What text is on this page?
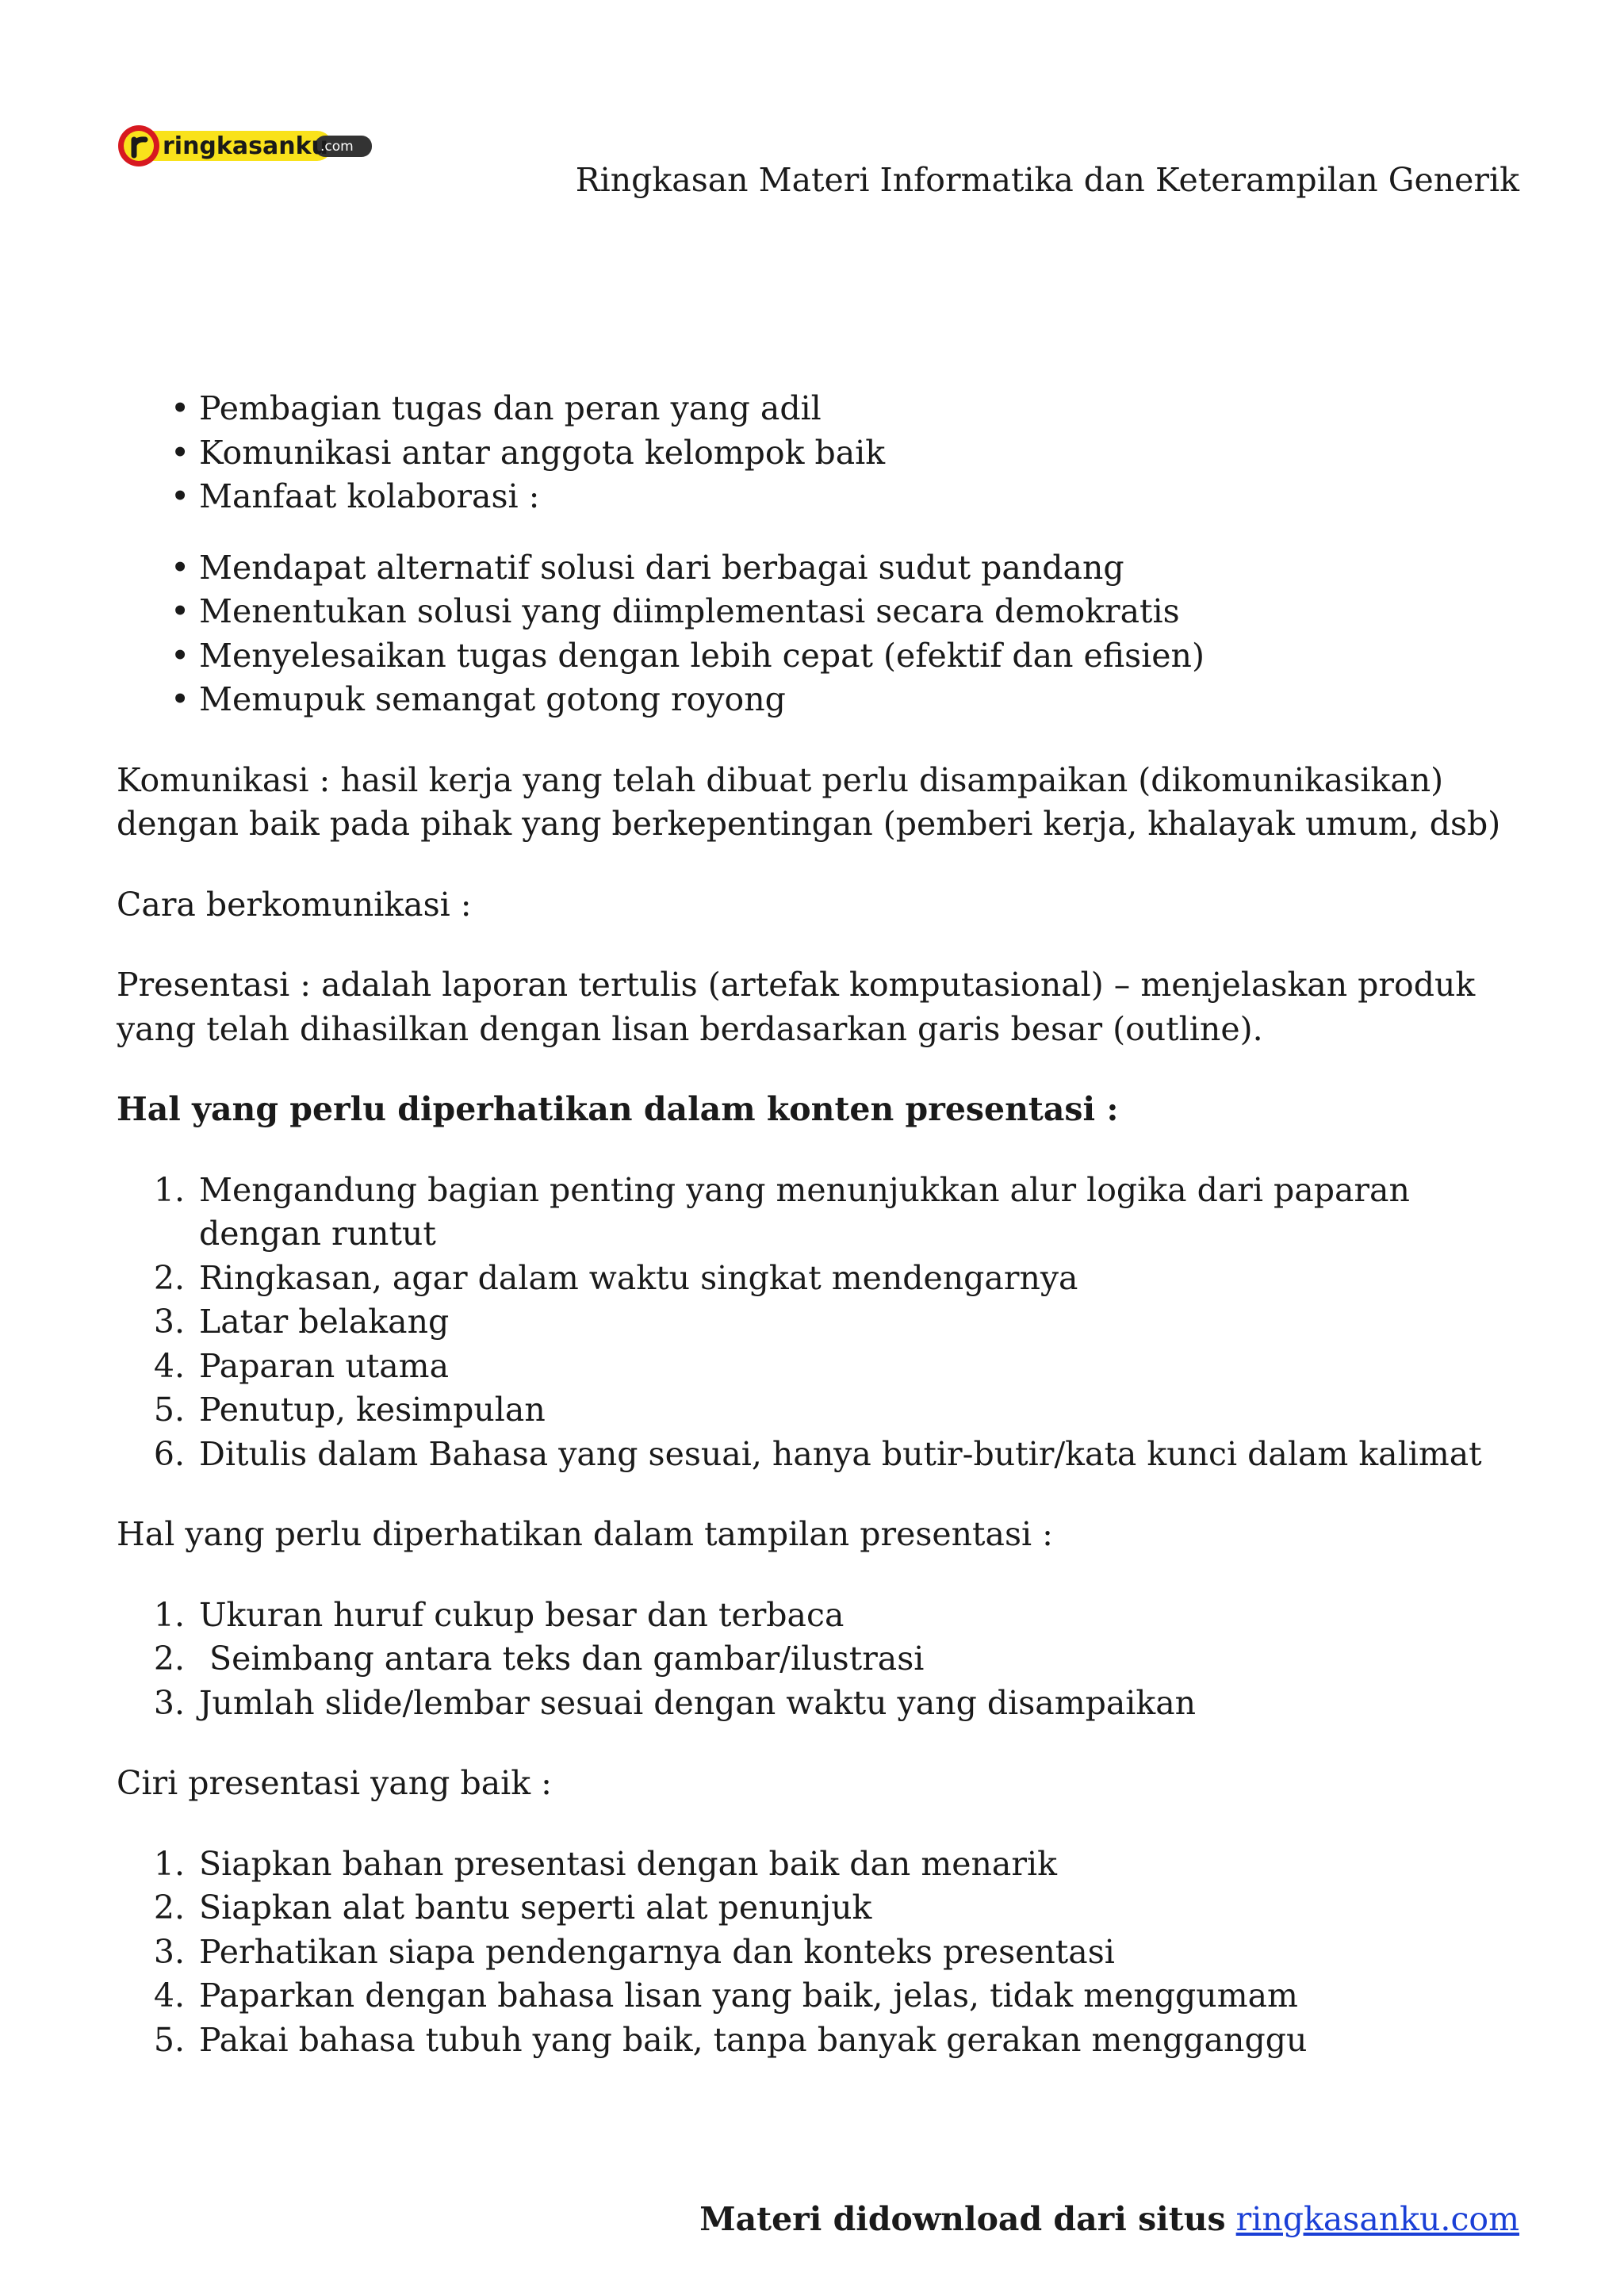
ringkasanku
.com
Ringkasan Materi Informatika dan Keterampilan Generik
• Pembagian tugas dan peran yang adil
• Komunikasi antar anggota kelompok baik
• Manfaat kolaborasi :
• Mendapat alternatif solusi dari berbagai sudut pandang
• Menentukan solusi yang diimplementasi secara demokratis
• Menyelesaikan tugas dengan lebih cepat (efektif dan efisien)
• Memupuk semangat gotong royong

Komunikasi : hasil kerja yang telah dibuat perlu disampaikan (dikomunikasikan) dengan baik pada pihak yang berkepentingan (pemberi kerja, khalayak umum, dsb)

Cara berkomunikasi :

Presentasi : adalah laporan tertulis (artefak komputasional) – menjelaskan produk yang telah dihasilkan dengan lisan berdasarkan garis besar (outline).

Hal yang perlu diperhatikan dalam konten presentasi :

1. Mengandung bagian penting yang menunjukkan alur logika dari paparan dengan runtut
2. Ringkasan, agar dalam waktu singkat mendengarnya
3. Latar belakang
4. Paparan utama
5. Penutup, kesimpulan
6. Ditulis dalam Bahasa yang sesuai, hanya butir-butir/kata kunci dalam kalimat

Hal yang perlu diperhatikan dalam tampilan presentasi :

1. Ukuran huruf cukup besar dan terbaca
2. Seimbang antara teks dan gambar/ilustrasi
3. Jumlah slide/lembar sesuai dengan waktu yang disampaikan

Ciri presentasi yang baik :

1. Siapkan bahan presentasi dengan baik dan menarik
2. Siapkan alat bantu seperti alat penunjuk
3. Perhatikan siapa pendengarnya dan konteks presentasi
4. Paparkan dengan bahasa lisan yang baik, jelas, tidak menggumam
5. Pakai bahasa tubuh yang baik, tanpa banyak gerakan mengganggu
Materi didownload dari situs ringkasanku.com
